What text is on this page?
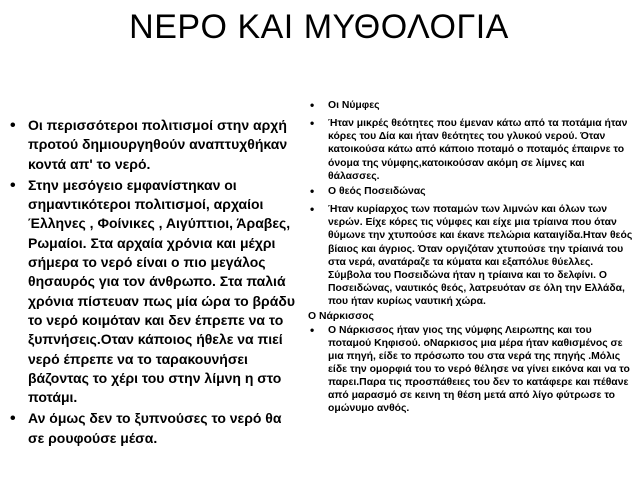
ΝΕΡΟ ΚΑΙ ΜΥΘΟΛΟΓΙΑ
• Οι περισσότεροι πολιτισμοί στην αρχή προτού δημιουργηθούν αναπτυχθήκαν κοντά απ' το νερό.
• Στην μεσόγειο εμφανίστηκαν οι σημαντικότεροι πολιτισμοί, αρχαίοι Έλληνες , Φοίνικες , Αιγύπτιοι, Άραβες, Ρωμαίοι. Στα αρχαία χρόνια και μέχρι σήμερα το νερό είναι ο πιο μεγάλος θησαυρός για τον άνθρωπο. Στα παλιά χρόνια πίστευαν πως μία ώρα το βράδυ το νερό κοιμόταν και δεν έπρεπε να το ξυπνήσεις.Οταν κάποιος ήθελε να πιεί νερό έπρεπε να το ταρακουνήσει βάζοντας το χέρι του στην λίμνη η στο ποτάμι.
• Αν όμως δεν το ξυπνούσες το νερό θα σε ρουφούσε μέσα.
• Οι Νύμφες
• Ήταν μικρές θεότητες που έμεναν κάτω από τα ποτάμια ήταν κόρες του Δία και ήταν θεότητες του γλυκού νερού. Όταν κατοικούσα κάτω από κάποιο ποταμό ο ποταμός έπαιρνε το όνομα της νύμφης,κατοικούσαν ακόμη σε λίμνες και θάλασσες.
• Ο θεός Ποσειδώνας
• Ήταν κυρίαρχος των ποταμών των λιμνών και όλων των νερών. Είχε κόρες τις νύμφες και είχε μια τρίαινα που όταν θύμωνε την χτυπούσε και έκανε πελώρια καταιγίδα.Ηταν θεός βίαιος και άγριος. Όταν οργιζόταν χτυπούσε την τρίαινά του στα νερά, ανατάραζε τα κύματα και εξαπόλυε θύελλες. Σύμβολα του Ποσειδώνα ήταν η τρίαινα και το δελφίνι. Ο Ποσειδώνας, ναυτικός θεός, λατρευόταν σε όλη την Ελλάδα, που ήταν κυρίως ναυτική χώρα.
Ο Νάρκισσος
• Ο Νάρκισσος ήταν γιος της νύμφης Λειρωπης και του ποταμού Κηφισού. οΝαρκισος μια μέρα ήταν καθισμένος σε μια πηγή, είδε το πρόσωπο του στα νερά της πηγής .Μόλις είδε την ομορφιά του το νερό θέλησε να γίνει εικόνα και να το παρει.Παρα τις προσπάθειες του δεν το κατάφερε και πέθανε από μαρασμό σε κεινη τη θέση μετά από λίγο φύτρωσε το ομώνυμο ανθός.
